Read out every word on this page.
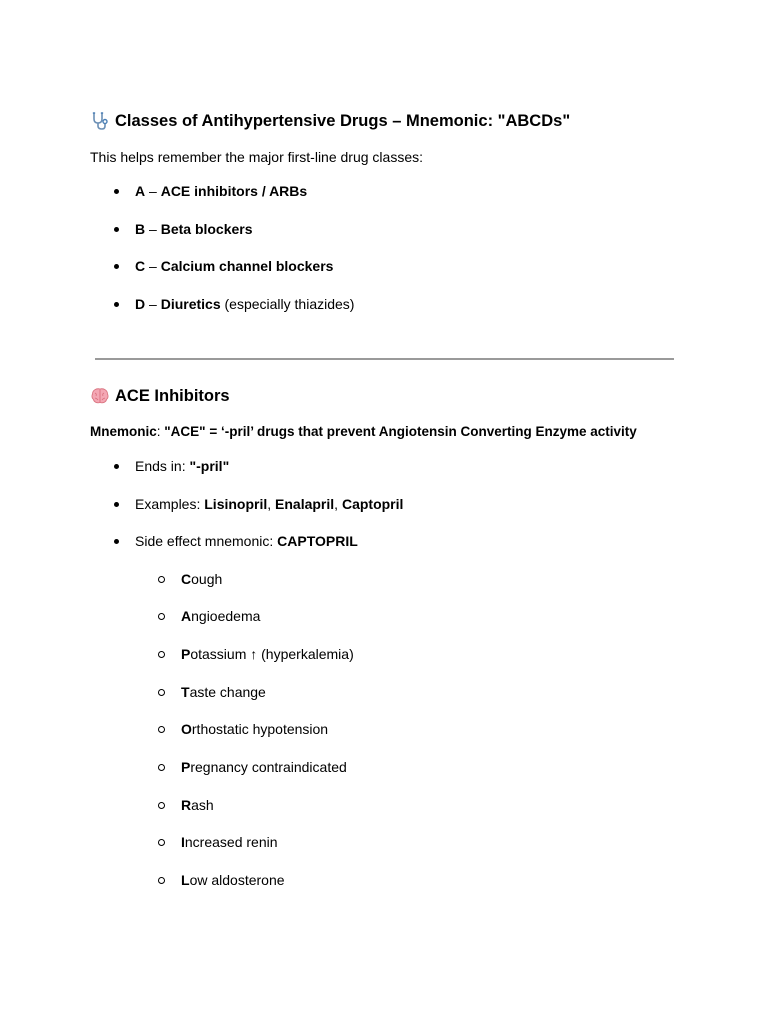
Classes of Antihypertensive Drugs – Mnemonic: "ABCDs"
This helps remember the major first-line drug classes:
A – ACE inhibitors / ARBs
B – Beta blockers
C – Calcium channel blockers
D – Diuretics (especially thiazides)
ACE Inhibitors
Mnemonic: "ACE" = ‘-pril’ drugs that prevent Angiotensin Converting Enzyme activity
Ends in: "-pril"
Examples: Lisinopril, Enalapril, Captopril
Side effect mnemonic: CAPTOPRIL
Cough
Angioedema
Potassium ↑ (hyperkalemia)
Taste change
Orthostatic hypotension
Pregnancy contraindicated
Rash
Increased renin
Low aldosterone
